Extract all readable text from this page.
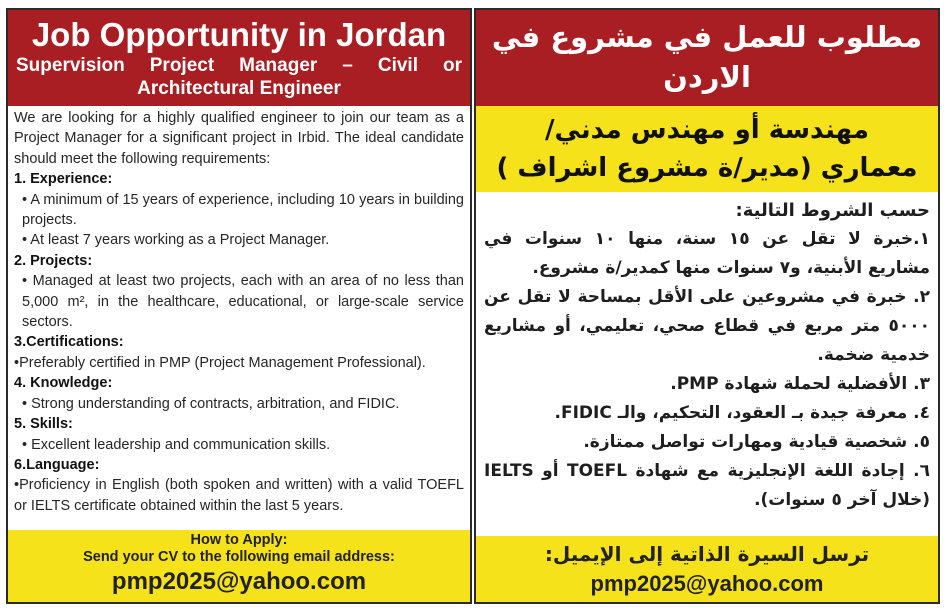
Job Opportunity in Jordan
Supervision Project Manager – Civil or Architectural Engineer

We are looking for a highly qualified engineer to join our team as a Project Manager for a significant project in Irbid. The ideal candidate should meet the following requirements:

1. Experience:

• A minimum of 15 years of experience, including 10 years in building projects.

• At least 7 years working as a Project Manager.

2. Projects:

• Managed at least two projects, each with an area of no less than 5,000 m², in the healthcare, educational, or large-scale service sectors.

3.Certifications:

•Preferably certified in PMP (Project Management Professional).

4. Knowledge:

• Strong understanding of contracts, arbitration, and FIDIC.

5. Skills:

• Excellent leadership and communication skills.

6.Language:

•Proficiency in English (both spoken and written) with a valid TOEFL or IELTS certificate obtained within the last 5 years.

How to Apply:
Send your CV to the following email address:
pmp2025@yahoo.com
مطلوب للعمل في مشروع في الاردن
مهندسة أو مهندس مدني/
معماري (مدير/ة مشروع اشراف )

حسب الشروط التالية:

١.خبرة لا تقل عن ١٥ سنة، منها ١٠ سنوات في مشاريع الأبنية، و٧ سنوات منها كمدير/ة مشروع.

٢. خبرة في مشروعين على الأقل بمساحة لا تقل عن ٥٠٠٠ متر مربع في قطاع صحي، تعليمي، أو مشاريع خدمية ضخمة.

٣. الأفضلية لحملة شهادة PMP.

٤. معرفة جيدة بـ العقود، التحكيم، والـ FIDIC.

٥. شخصية قيادية ومهارات تواصل ممتازة.

٦. إجادة اللغة الإنجليزية مع شهادة TOEFL أو IELTS (خلال آخر ٥ سنوات).

ترسل السيرة الذاتية إلى الإيميل:
pmp2025@yahoo.com
